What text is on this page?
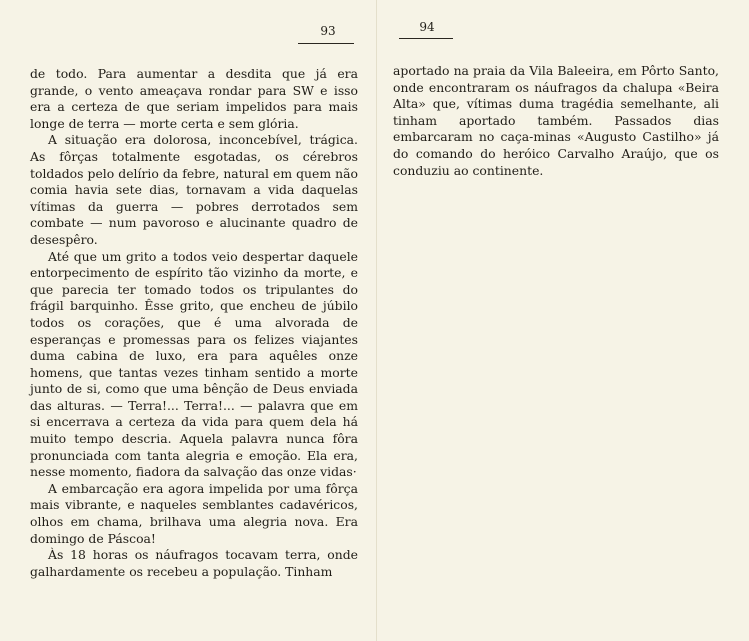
93

de todo. Para aumentar a desdita que já era grande, o vento ameaçava rondar para SW e isso era a certeza de que seriam impelidos para mais longe de terra — morte certa e sem glória.

A situação era dolorosa, inconcebível, trágica. As fôrças totalmente esgotadas, os cérebros toldados pelo delírio da febre, natural em quem não comia havia sete dias, tornavam a vida daquelas vítimas da guerra — pobres derrotados sem combate — num pavoroso e alucinante quadro de desespêro.

Até que um grito a todos veio despertar daquele entorpecimento de espírito tão vizinho da morte, e que parecia ter tomado todos os tripulantes do frágil barquinho. Êsse grito, que encheu de júbilo todos os corações, que é uma alvorada de esperanças e promessas para os felizes viajantes duma cabina de luxo, era para aquêles onze homens, que tantas vezes tinham sentido a morte junto de si, como que uma bênção de Deus enviada das alturas. — Terra!... Terra!... — palavra que em si encerrava a certeza da vida para quem dela há muito tempo descria. Aquela palavra nunca fôra pronunciada com tanta alegria e emoção. Ela era, nesse momento, fiadora da salvação das onze vidas·

A embarcação era agora impelida por uma fôrça mais vibrante, e naqueles semblantes cadavéricos, olhos em chama, brilhava uma alegria nova. Era domingo de Páscoa!

Às 18 horas os náufragos tocavam terra, onde galhardamente os recebeu a população. Tinham

94

aportado na praia da Vila Baleeira, em Pôrto Santo, onde encontraram os náufragos da chalupa «Beira Alta» que, vítimas duma tragédia semelhante, ali tinham aportado também. Passados dias embarcaram no caça-minas «Augusto Castilho» já do comando do heróico Carvalho Araújo, que os conduziu ao continente.
